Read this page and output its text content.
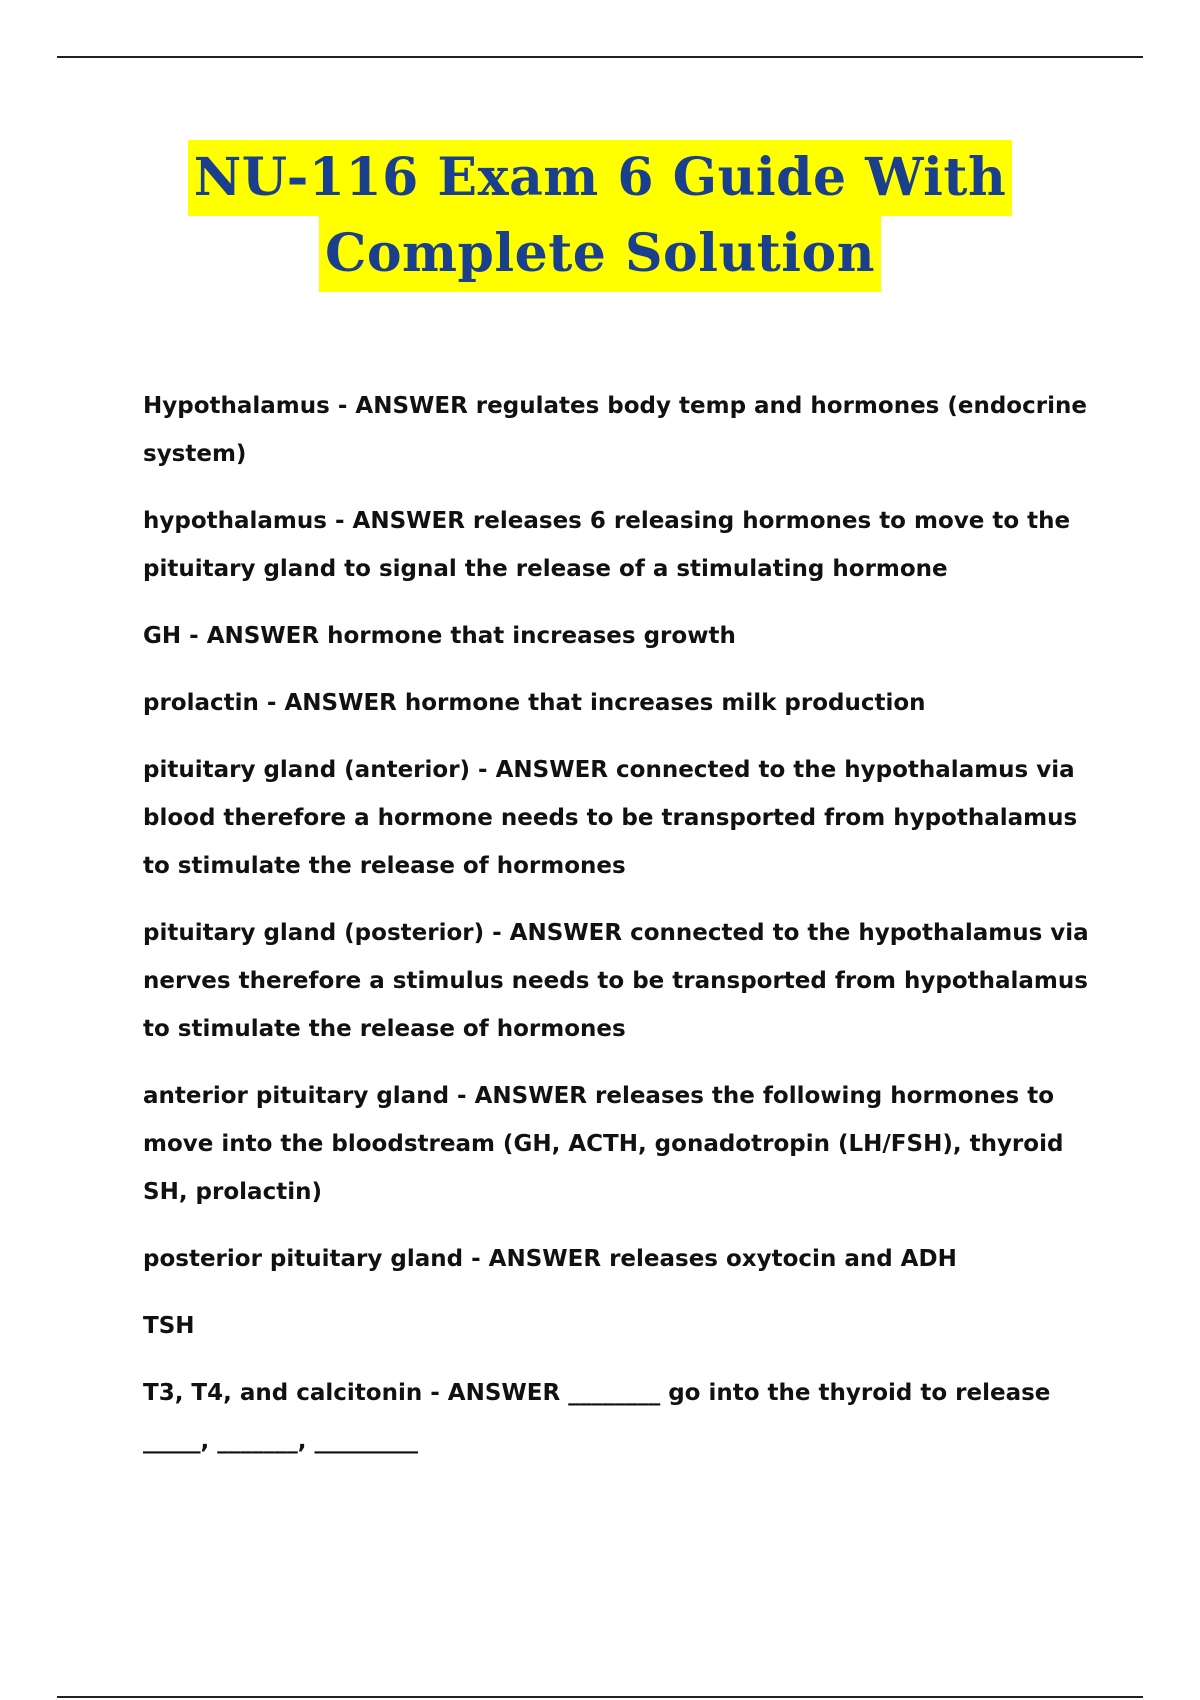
NU-116 Exam 6 Guide With
Complete Solution

Hypothalamus - ANSWER regulates body temp and hormones (endocrine system)

hypothalamus - ANSWER releases 6 releasing hormones to move to the pituitary gland to signal the release of a stimulating hormone

GH - ANSWER hormone that increases growth

prolactin - ANSWER hormone that increases milk production

pituitary gland (anterior) - ANSWER connected to the hypothalamus via blood therefore a hormone needs to be transported from hypothalamus to stimulate the release of hormones

pituitary gland (posterior) - ANSWER connected to the hypothalamus via nerves therefore a stimulus needs to be transported from hypothalamus to stimulate the release of hormones

anterior pituitary gland - ANSWER releases the following hormones to move into the bloodstream (GH, ACTH, gonadotropin (LH/FSH), thyroid SH, prolactin)

posterior pituitary gland - ANSWER releases oxytocin and ADH

TSH

T3, T4, and calcitonin - ANSWER ________ go into the thyroid to release _____, _______, _________
